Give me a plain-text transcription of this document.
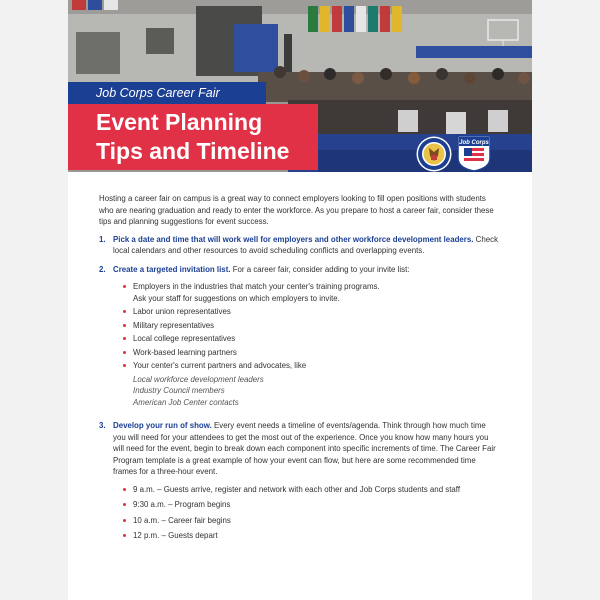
Job Corps Career Fair
Event Planning
Tips and Timeline	Job Corps

Hosting a career fair on campus is a great way to connect employers looking to fill open positions with students who are nearing graduation and ready to enter the workforce. As you prepare to host a career fair, consider these tips and planning suggestions for event success.

1. Pick a date and time that will work well for employers and other workforce development leaders. Check local calendars and other resources to avoid scheduling conflicts and overlapping events.
2. Create a targeted invitation list. For a career fair, consider adding to your invite list:
Employers in the industries that match your center's training programs.
Ask your staff for suggestions on which employers to invite.
Labor union representatives
Military representatives
Local college representatives
Work-based learning partners
Your center's current partners and advocates, like
Local workforce development leaders
Industry Council members
American Job Center contacts
3. Develop your run of show. Every event needs a timeline of events/agenda. Think through how much time you will need for your attendees to get the most out of the experience. Once you know how many hours you will need for the event, begin to break down each component into specific increments of time. The Career Fair Program template is a great example of how your event can flow, but here are some recommended time frames for a three-hour event.
9 a.m. – Guests arrive, register and network with each other and Job Corps students and staff
9:30 a.m. – Program begins
10 a.m. – Career fair begins
12 p.m. – Guests depart
